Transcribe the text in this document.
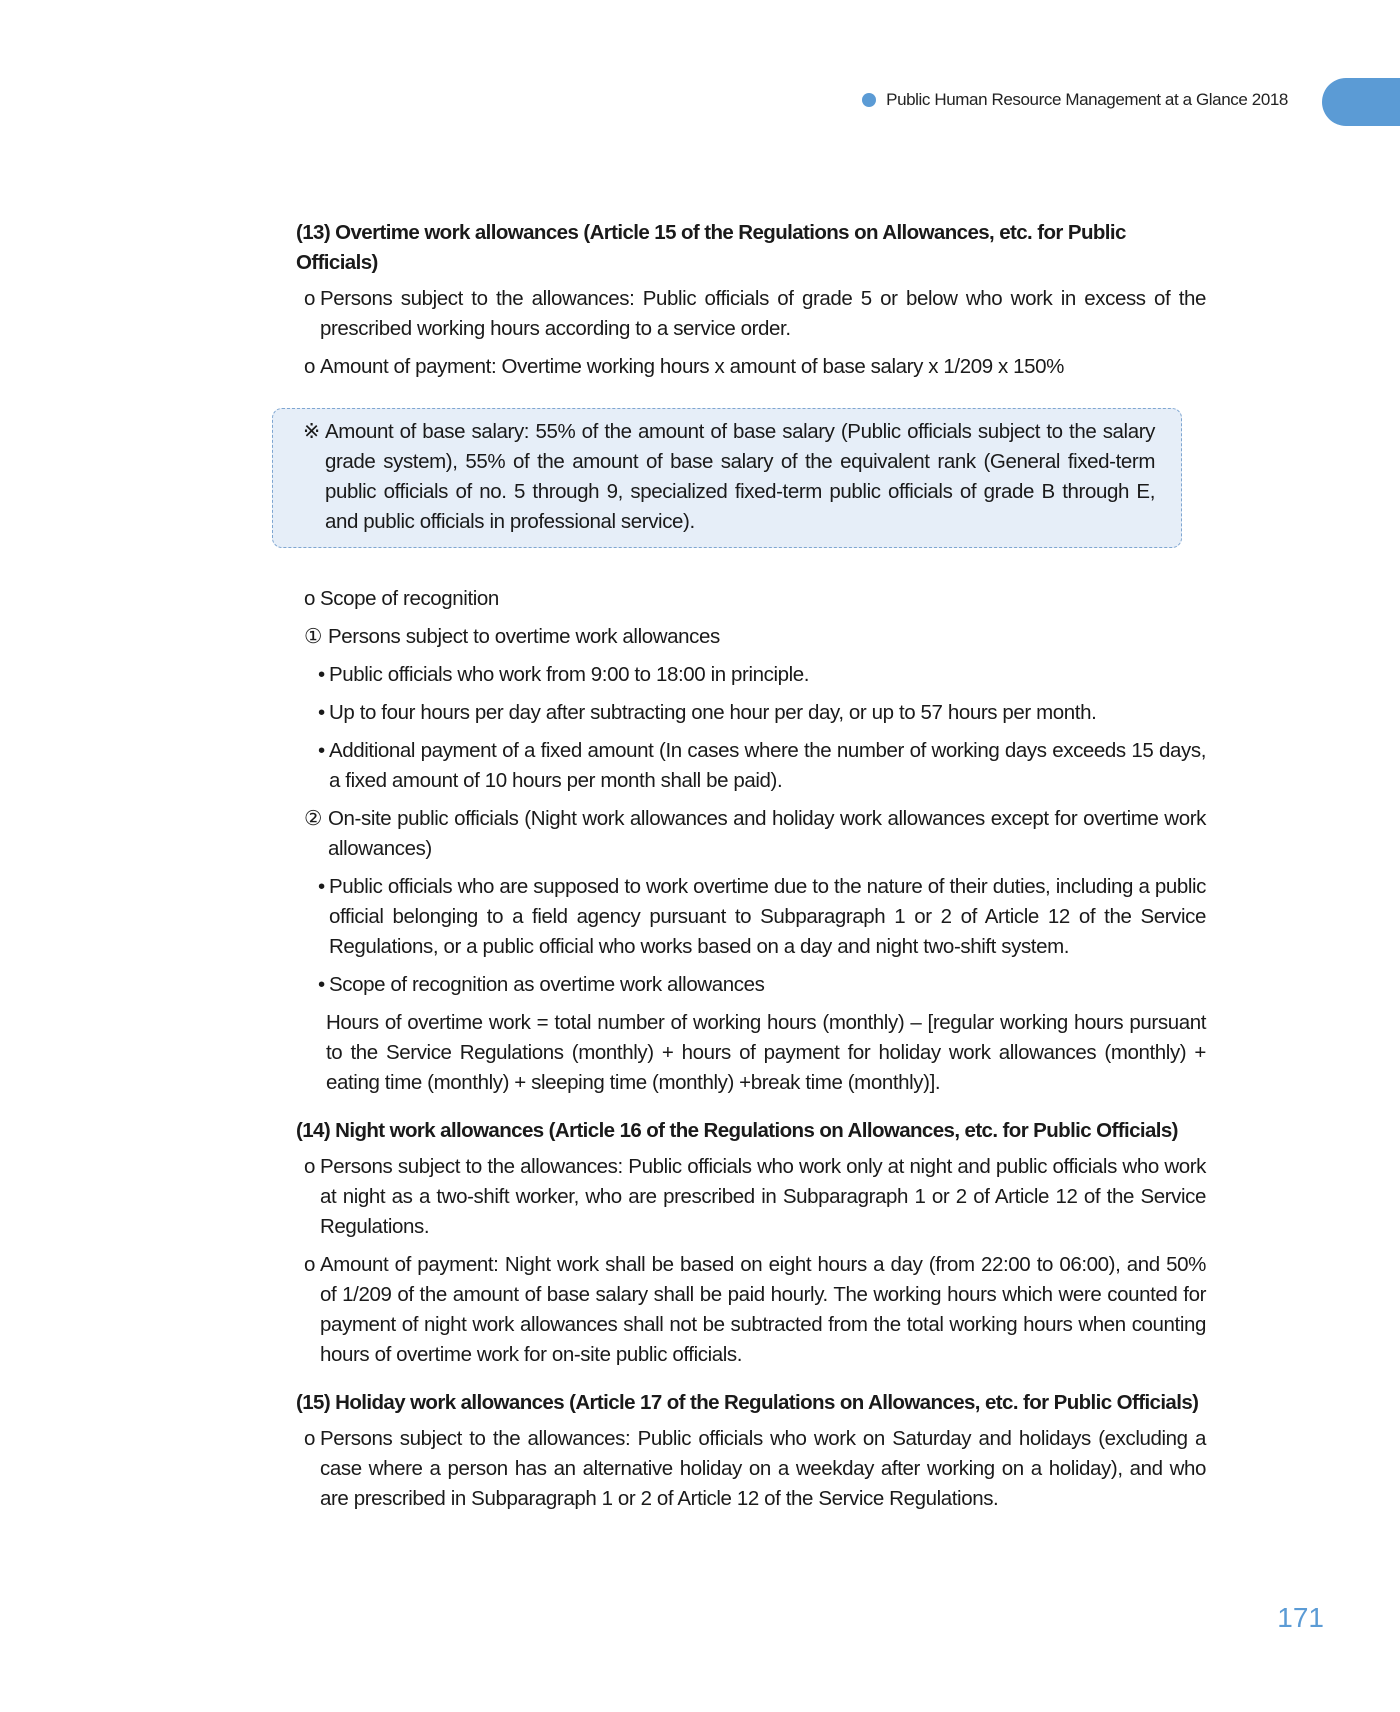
Public Human Resource Management at a Glance 2018
(13) Overtime work allowances (Article 15 of the Regulations on Allowances, etc. for Public Officials)
o Persons subject to the allowances: Public officials of grade 5 or below who work in excess of the prescribed working hours according to a service order.
o Amount of payment: Overtime working hours x amount of base salary x 1/209 x 150%
※ Amount of base salary: 55% of the amount of base salary (Public officials subject to the salary grade system), 55% of the amount of base salary of the equivalent rank (General fixed-term public officials of no. 5 through 9, specialized fixed-term public officials of grade B through E, and public officials in professional service).
o Scope of recognition
① Persons subject to overtime work allowances
• Public officials who work from 9:00 to 18:00 in principle.
• Up to four hours per day after subtracting one hour per day, or up to 57 hours per month.
• Additional payment of a fixed amount (In cases where the number of working days exceeds 15 days, a fixed amount of 10 hours per month shall be paid).
② On-site public officials (Night work allowances and holiday work allowances except for overtime work allowances)
• Public officials who are supposed to work overtime due to the nature of their duties, including a public official belonging to a field agency pursuant to Subparagraph 1 or 2 of Article 12 of the Service Regulations, or a public official who works based on a day and night two-shift system.
• Scope of recognition as overtime work allowances
Hours of overtime work = total number of working hours (monthly) – [regular working hours pursuant to the Service Regulations (monthly) + hours of payment for holiday work allowances (monthly) + eating time (monthly) + sleeping time (monthly) +break time (monthly)].
(14) Night work allowances (Article 16 of the Regulations on Allowances, etc. for Public Officials)
o Persons subject to the allowances: Public officials who work only at night and public officials who work at night as a two-shift worker, who are prescribed in Subparagraph 1 or 2 of Article 12 of the Service Regulations.
o Amount of payment: Night work shall be based on eight hours a day (from 22:00 to 06:00), and 50% of 1/209 of the amount of base salary shall be paid hourly. The working hours which were counted for payment of night work allowances shall not be subtracted from the total working hours when counting hours of overtime work for on-site public officials.
(15) Holiday work allowances (Article 17 of the Regulations on Allowances, etc. for Public Officials)
o Persons subject to the allowances: Public officials who work on Saturday and holidays (excluding a case where a person has an alternative holiday on a weekday after working on a holiday), and who are prescribed in Subparagraph 1 or 2 of Article 12 of the Service Regulations.
171
